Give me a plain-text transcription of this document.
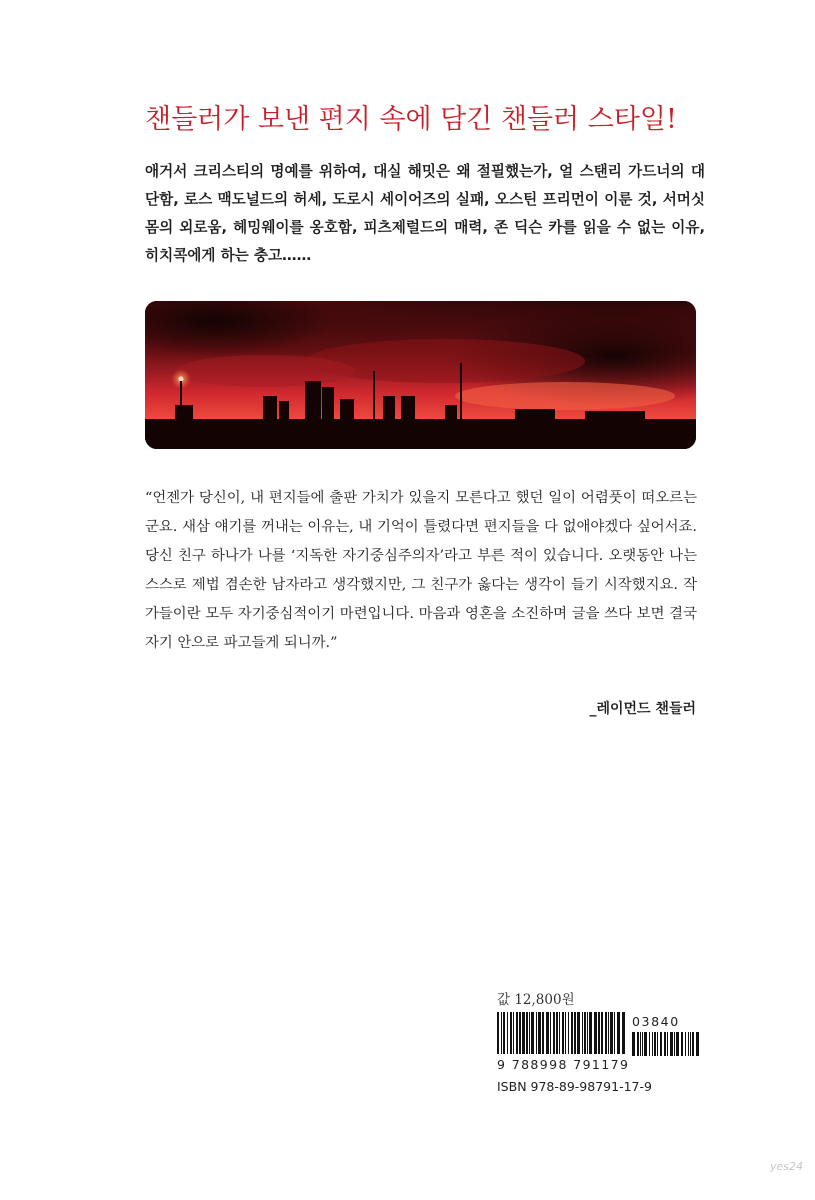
챈들러가 보낸 편지 속에 담긴 챈들러 스타일!
애거서 크리스티의 명예를 위하여, 대실 해밋은 왜 절필했는가, 얼 스탠리 가드너의 대단함, 로스 맥도널드의 허세, 도로시 세이어즈의 실패, 오스틴 프리먼이 이룬 것, 서머싯 몸의 외로움, 헤밍웨이를 옹호함, 피츠제럴드의 매력, 존 딕슨 카를 읽을 수 없는 이유, 히치콕에게 하는 충고……
“언젠가 당신이, 내 편지들에 출판 가치가 있을지 모른다고 했던 일이 어렴풋이 떠오르는군요. 새삼 얘기를 꺼내는 이유는, 내 기억이 틀렸다면 편지들을 다 없애야겠다 싶어서죠. 당신 친구 하나가 나를 ‘지독한 자기중심주의자’라고 부른 적이 있습니다. 오랫동안 나는 스스로 제법 겸손한 남자라고 생각했지만, 그 친구가 옳다는 생각이 들기 시작했지요. 작가들이란 모두 자기중심적이기 마련입니다. 마음과 영혼을 소진하며 글을 쓰다 보면 결국 자기 안으로 파고들게 되니까.”
_레이먼드 챈들러
값 12,800원
03840
9 788998 791179
ISBN 978-89-98791-17-9
yes24
